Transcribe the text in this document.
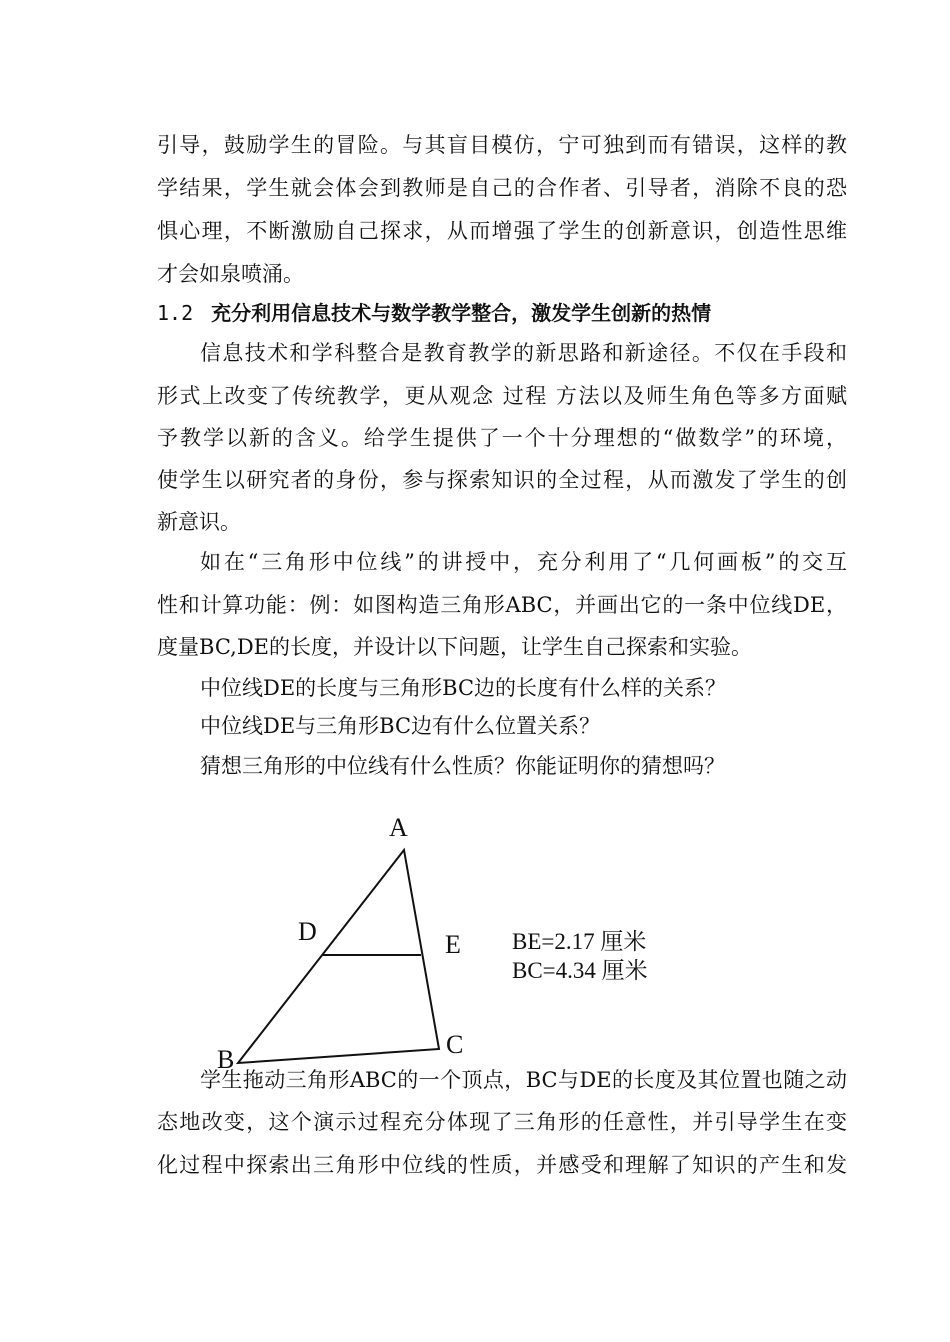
引导，鼓励学生的冒险。与其盲目模仿，宁可独到而有错误，这样的教
学结果，学生就会体会到教师是自己的合作者、引导者，消除不良的恐
惧心理，不断激励自己探求，从而增强了学生的创新意识，创造性思维
才会如泉喷涌。
1.2 充分利用信息技术与数学教学整合，激发学生创新的热情
信息技术和学科整合是教育教学的新思路和新途径。不仅在手段和
形式上改变了传统教学，更从观念 过程 方法以及师生角色等多方面赋
予教学以新的含义。给学生提供了一个十分理想的“做数学”的环境，
使学生以研究者的身份，参与探索知识的全过程，从而激发了学生的创
新意识。
如在“三角形中位线”的讲授中，充分利用了“几何画板”的交互
性和计算功能：例：如图构造三角形ABC，并画出它的一条中位线DE，
度量BC,DE的长度，并设计以下问题，让学生自己探索和实验。
中位线DE的长度与三角形BC边的长度有什么样的关系？
中位线DE与三角形BC边有什么位置关系？
猜想三角形的中位线有什么性质？你能证明你的猜想吗？
A
D	E
C
B
BE=2.17 厘米
BC=4.34 厘米
学生拖动三角形ABC的一个顶点，BC与DE的长度及其位置也随之动
态地改变，这个演示过程充分体现了三角形的任意性，并引导学生在变
化过程中探索出三角形中位线的性质，并感受和理解了知识的产生和发
